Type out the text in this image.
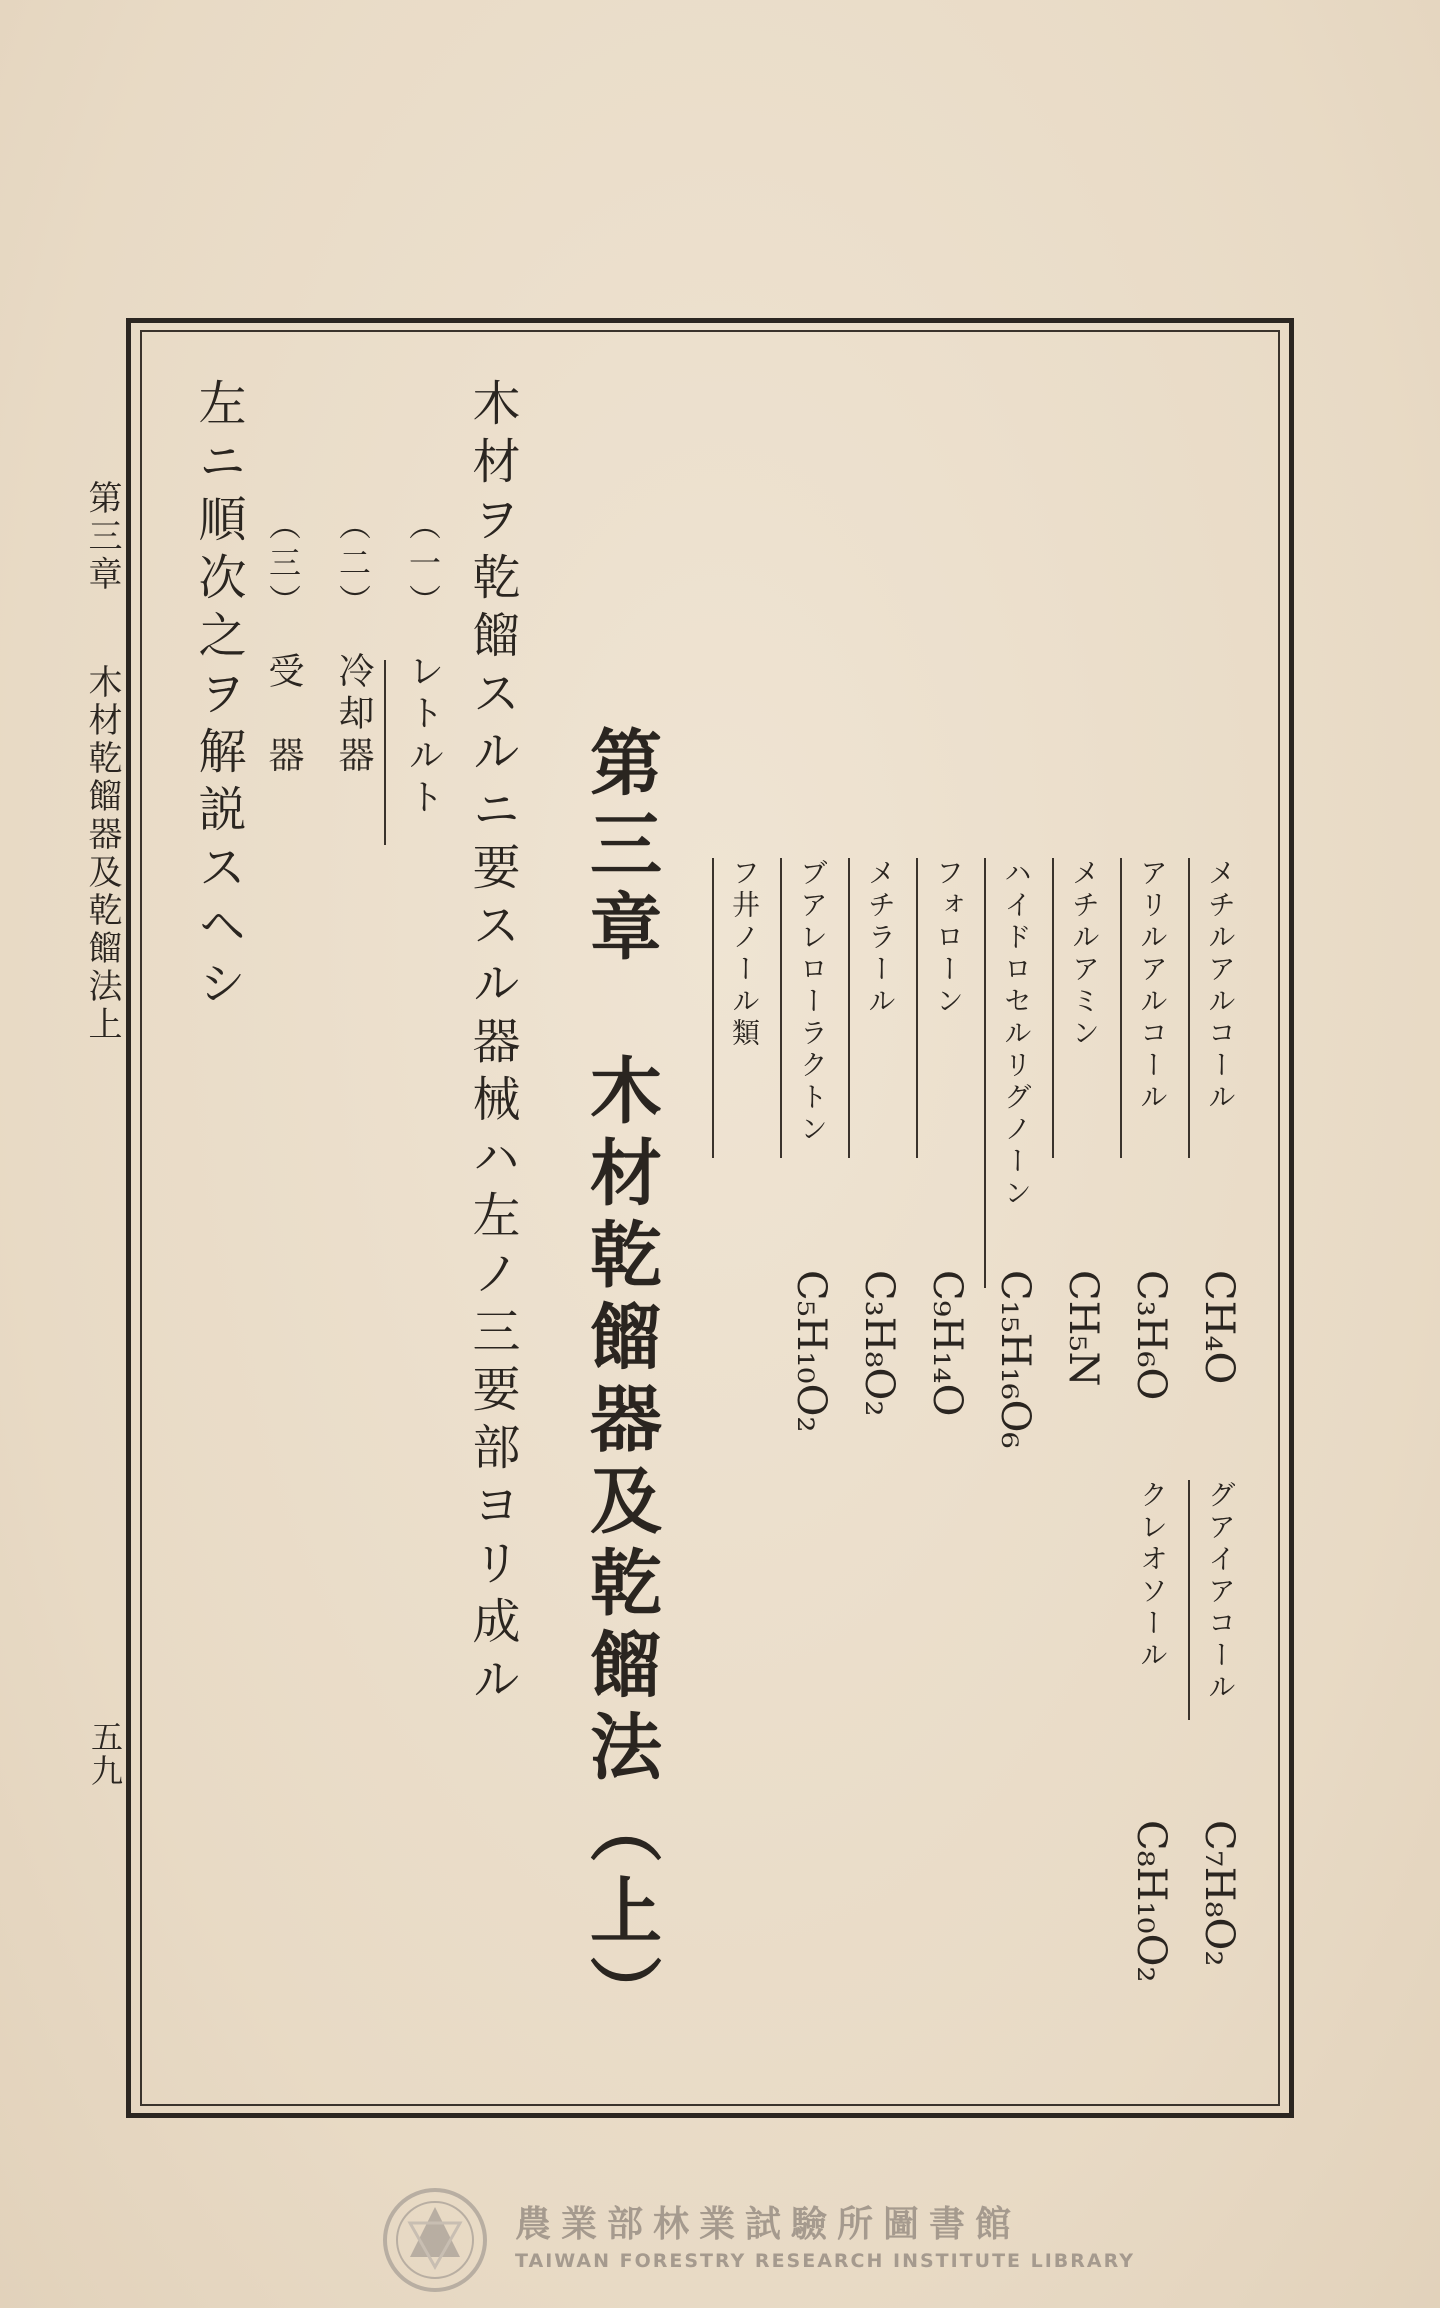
第三章木材乾餾器及乾餾法上
五九
メチルアルコール
CH₄O
アリルアルコール
C₃H₆O
メチルアミン
CH₅N
ハイドロセルリグノーン
C₁₅H₁₆O₆
フォローン
C₉H₁₄O
メチラール
C₃H₈O₂
ブアレローラクトン
C₅H₁₀O₂
フ井ノール類
グアイアコール
C₇H₈O₂
クレオソール
C₈H₁₀O₂
第三章　木材乾餾器及乾餾法（上）
木材ヲ乾餾スルニ要スル器械ハ左ノ三要部ヨリ成ル
（一）レトルト
（二）冷却器
（三）受　器
左ニ順次之ヲ解説スヘシ
農業部林業試驗所圖書館
TAIWAN FORESTRY RESEARCH INSTITUTE LIBRARY
